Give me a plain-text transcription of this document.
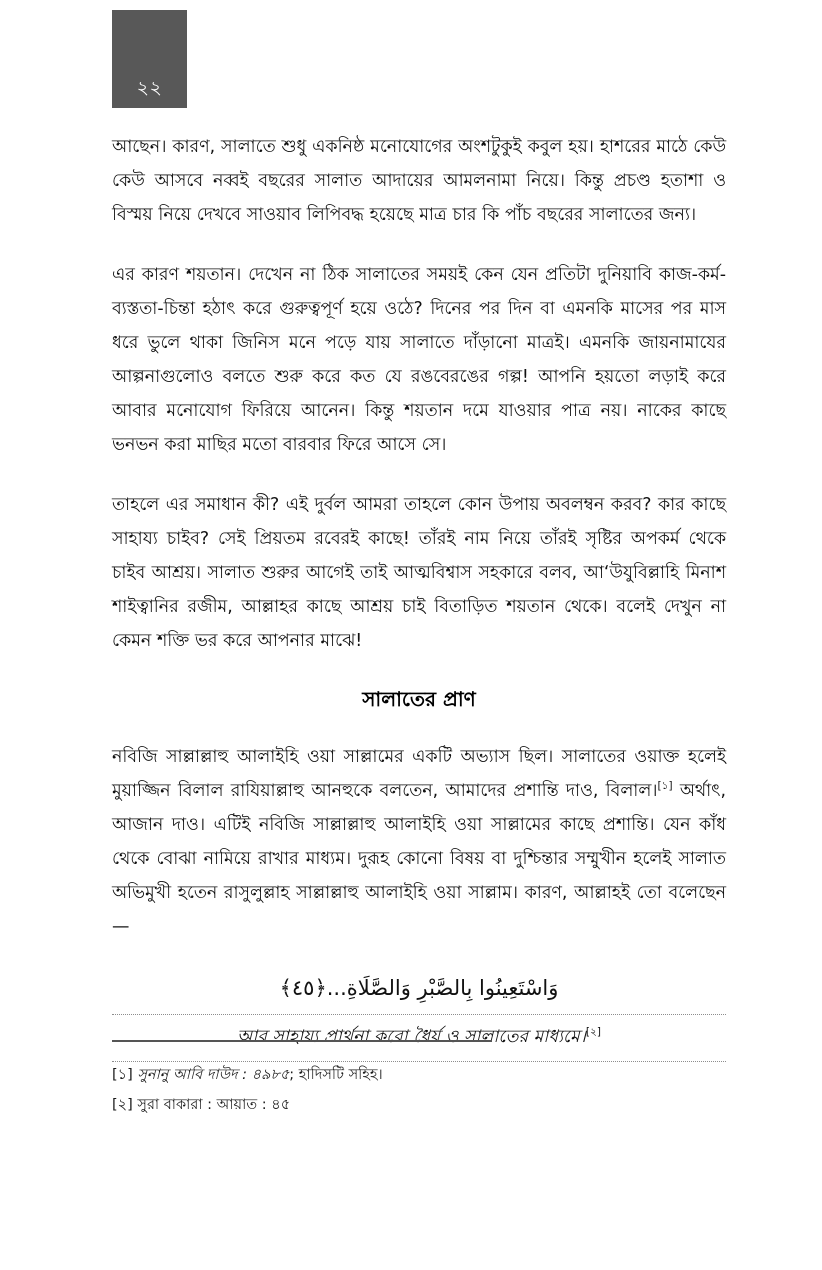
২২

আছেন। কারণ, সালাতে শুধু একনিষ্ঠ মনোযোগের অংশটুকুই কবুল হয়। হাশরের মাঠে কেউ কেউ আসবে নব্বই বছরের সালাত আদায়ের আমলনামা নিয়ে। কিন্তু প্রচণ্ড হতাশা ও বিস্ময় নিয়ে দেখবে সাওয়াব লিপিবদ্ধ হয়েছে মাত্র চার কি পাঁচ বছরের সালাতের জন্য।

এর কারণ শয়তান। দেখেন না ঠিক সালাতের সময়ই কেন যেন প্রতিটা দুনিয়াবি কাজ-কর্ম-ব্যস্ততা-চিন্তা হঠাৎ করে গুরুত্বপূর্ণ হয়ে ওঠে? দিনের পর দিন বা এমনকি মাসের পর মাস ধরে ভুলে থাকা জিনিস মনে পড়ে যায় সালাতে দাঁড়ানো মাত্রই। এমনকি জায়নামাযের আল্পনাগুলোও বলতে শুরু করে কত যে রঙবেরঙের গল্প! আপনি হয়তো লড়াই করে আবার মনোযোগ ফিরিয়ে আনেন। কিন্তু শয়তান দমে যাওয়ার পাত্র নয়। নাকের কাছে ভনভন করা মাছির মতো বারবার ফিরে আসে সে।

তাহলে এর সমাধান কী? এই দুর্বল আমরা তাহলে কোন উপায় অবলম্বন করব? কার কাছে সাহায্য চাইব? সেই প্রিয়তম রবেরই কাছে! তাঁরই নাম নিয়ে তাঁরই সৃষ্টির অপকর্ম থেকে চাইব আশ্রয়। সালাত শুরুর আগেই তাই আত্মবিশ্বাস সহকারে বলব, আ‘উযুবিল্লাহি মিনাশ শাইত্বানির রজীম, আল্লাহর কাছে আশ্রয় চাই বিতাড়িত শয়তান থেকে। বলেই দেখুন না কেমন শক্তি ভর করে আপনার মাঝে!

সালাতের প্রাণ

নবিজি সাল্লাল্লাহু আলাইহি ওয়া সাল্লামের একটি অভ্যাস ছিল। সালাতের ওয়াক্ত হলেই মুয়াজ্জিন বিলাল রাযিয়াল্লাহু আনহুকে বলতেন, আমাদের প্রশান্তি দাও, বিলাল।[১] অর্থাৎ, আজান দাও। এটিই নবিজি সাল্লাল্লাহু আলাইহি ওয়া সাল্লামের কাছে প্রশান্তি। যেন কাঁধ থেকে বোঝা নামিয়ে রাখার মাধ্যম। দুরূহ কোনো বিষয় বা দুশ্চিন্তার সম্মুখীন হলেই সালাত অভিমুখী হতেন রাসুলুল্লাহ সাল্লাল্লাহু আলাইহি ওয়া সাল্লাম। কারণ, আল্লাহই তো বলেছেন—

وَاسْتَعِينُوا بِالصَّبْرِ وَالصَّلَاةِ...﴿٤٥﴾
আর সাহায্য প্রার্থনা করো ধৈর্য ও সালাতের মাধ্যমে।[২]
[১] সুনানু আবি দাউদ : ৪৯৮৫; হাদিসটি সহিহ।
[২] সুরা বাকারা : আয়াত : ৪৫
